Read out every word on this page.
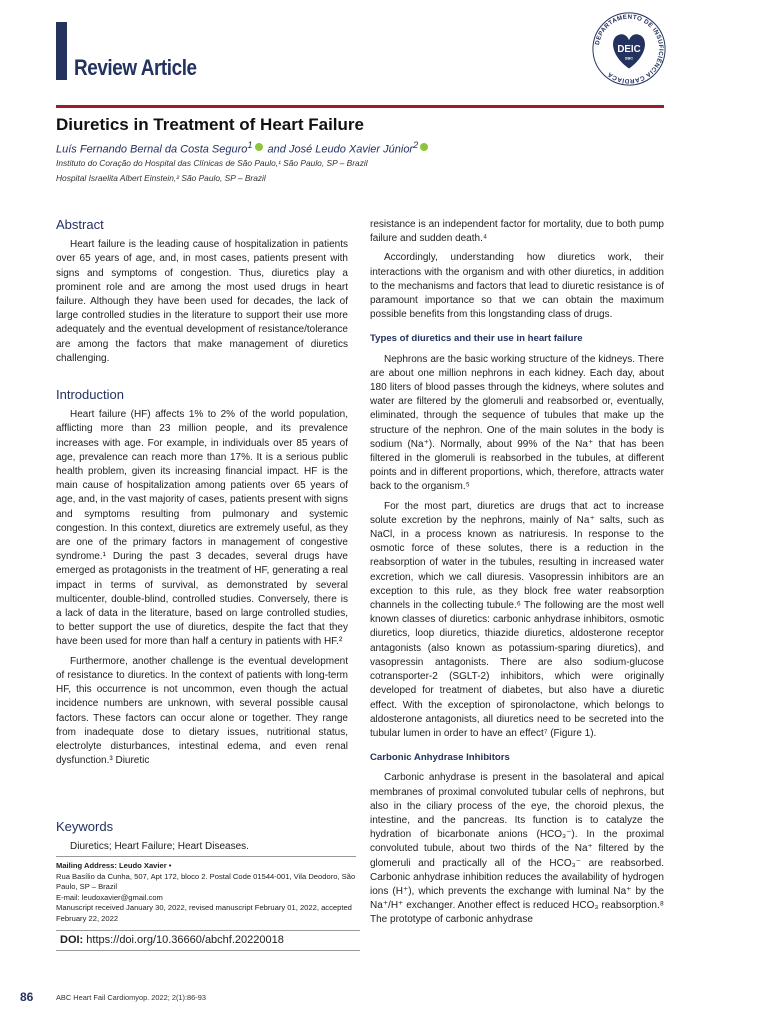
Review Article
DEPARTAMENTO DE INSUFICIÊNCIA CARDÍACA
DEIC
SBC
Diuretics in Treatment of Heart Failure
Luís Fernando Bernal da Costa Seguro$^1$ and José Leudo Xavier Júnior$^2$
Instituto do Coração do Hospital das Clínicas de São Paulo,¹ São Paulo, SP – Brazil
Hospital Israelita Albert Einstein,² São Paulo, SP – Brazil
Abstract

Heart failure is the leading cause of hospitalization in patients over 65 years of age, and, in most cases, patients present with signs and symptoms of congestion. Thus, diuretics play a prominent role and are among the most used drugs in heart failure. Although they have been used for decades, the lack of large controlled studies in the literature to support their use more adequately and the eventual development of resistance/tolerance are among the factors that make management of diuretics challenging.

Introduction

Heart failure (HF) affects 1% to 2% of the world population, afflicting more than 23 million people, and its prevalence increases with age. For example, in individuals over 85 years of age, prevalence can reach more than 17%. It is a serious public health problem, given its increasing financial impact. HF is the main cause of hospitalization among patients over 65 years of age, and, in the vast majority of cases, patients present with signs and symptoms resulting from pulmonary and systemic congestion. In this context, diuretics are extremely useful, as they are one of the primary factors in management of congestive syndrome.¹ During the past 3 decades, several drugs have emerged as protagonists in the treatment of HF, generating a real impact in terms of survival, as demonstrated by several multicenter, double-blind, controlled studies. Conversely, there is a lack of data in the literature, based on large controlled studies, to better support the use of diuretics, despite the fact that they have been used for more than half a century in patients with HF.²

Furthermore, another challenge is the eventual development of resistance to diuretics. In the context of patients with long-term HF, this occurrence is not uncommon, even though the actual incidence numbers are unknown, with several possible causal factors. These factors can occur alone or together. They range from inadequate dose to dietary issues, nutritional status, electrolyte disturbances, intestinal edema, and even renal dysfunction.³ Diuretic

Keywords
Diuretics; Heart Failure; Heart Diseases.
Mailing Address: Leudo Xavier •
Rua Basílio da Cunha, 507, Apt 172, bloco 2. Postal Code 01544-001, Vila Deodoro, São Paulo, SP – Brazil
E-mail: leudoxavier@gmail.com
Manuscript received January 30, 2022, revised manuscript February 01, 2022, accepted February 22, 2022
DOI: https://doi.org/10.36660/abchf.20220018

resistance is an independent factor for mortality, due to both pump failure and sudden death.⁴

Accordingly, understanding how diuretics work, their interactions with the organism and with other diuretics, in addition to the mechanisms and factors that lead to diuretic resistance is of paramount importance so that we can obtain the maximum possible benefits from this longstanding class of drugs.

Types of diuretics and their use in heart failure

Nephrons are the basic working structure of the kidneys. There are about one million nephrons in each kidney. Each day, about 180 liters of blood passes through the kidneys, where solutes and water are filtered by the glomeruli and reabsorbed or, eventually, eliminated, through the sequence of tubules that make up the structure of the nephron. One of the main solutes in the body is sodium (Na⁺). Normally, about 99% of the Na⁺ that has been filtered in the glomeruli is reabsorbed in the tubules, at different points and in different proportions, which, therefore, attracts water back to the organism.⁵

For the most part, diuretics are drugs that act to increase solute excretion by the nephrons, mainly of Na⁺ salts, such as NaCl, in a process known as natriuresis. In response to the osmotic force of these solutes, there is a reduction in the reabsorption of water in the tubules, resulting in increased water excretion, which we call diuresis. Vasopressin inhibitors are an exception to this rule, as they block free water reabsorption channels in the collecting tubule.⁶ The following are the most well known classes of diuretics: carbonic anhydrase inhibitors, osmotic diuretics, loop diuretics, thiazide diuretics, aldosterone receptor antagonists (also known as potassium-sparing diuretics), and vasopressin antagonists. There are also sodium-glucose cotransporter-2 (SGLT-2) inhibitors, which were originally developed for treatment of diabetes, but also have a diuretic effect. With the exception of spironolactone, which belongs to aldosterone antagonists, all diuretics need to be secreted into the tubular lumen in order to have an effect⁷ (Figure 1).

Carbonic Anhydrase Inhibitors

Carbonic anhydrase is present in the basolateral and apical membranes of proximal convoluted tubular cells of nephrons, but also in the ciliary process of the eye, the choroid plexus, the intestine, and the pancreas. Its function is to catalyze the hydration of bicarbonate anions (HCO₃⁻). In the proximal convoluted tubule, about two thirds of the Na⁺ filtered by the glomeruli and practically all of the HCO₃⁻ are reabsorbed. Carbonic anhydrase inhibition reduces the availability of hydrogen ions (H⁺), which prevents the exchange with luminal Na⁺ by the Na⁺/H⁺ exchanger. Another effect is reduced HCO₃ reabsorption.⁸ The prototype of carbonic anhydrase

86	ABC Heart Fail Cardiomyop. 2022; 2(1):86-93
